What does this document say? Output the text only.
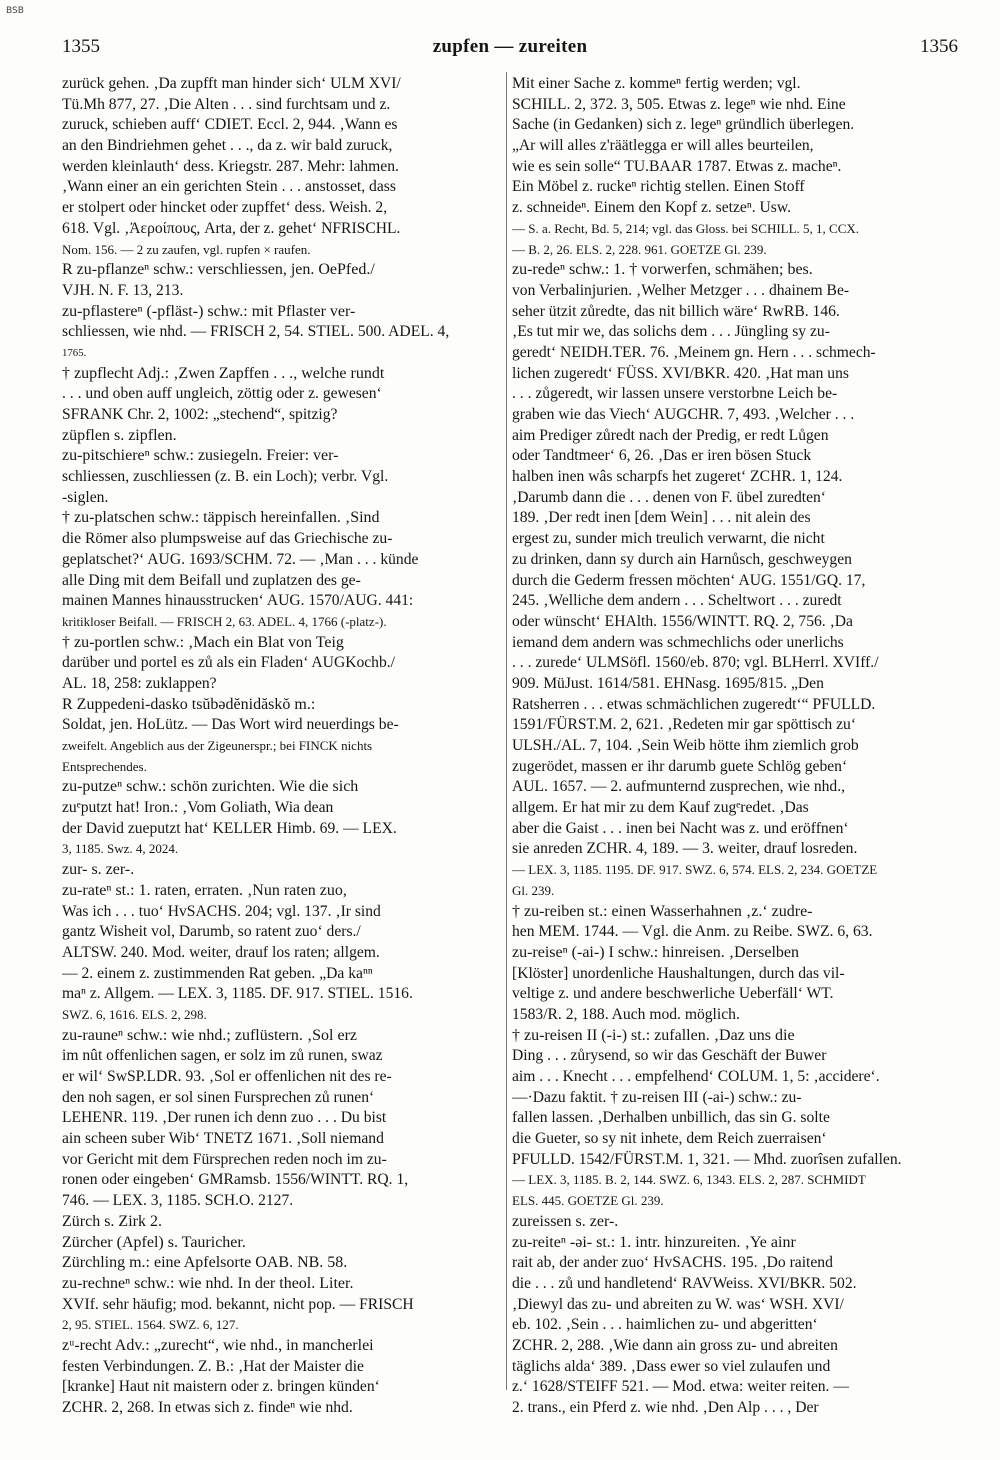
BSB
1355	zupfen — zureiten	1356
zurück gehen. ‚Da zupfft man hinder sich‘ ULM XVI/
Tü.Mh 877, 27. ‚Die Alten . . . sind furchtsam und z.
zuruck, schieben auff‘ CDIET. Eccl. 2, 944. ‚Wann es
an den Bindriehmen gehet . . ., da z. wir bald zuruck,
werden kleinlauth‘ dess. Kriegstr. 287. Mehr: lahmen.
‚Wann einer an ein gerichten Stein . . . anstosset, dass
er stolpert oder hincket oder zupffet‘ dess. Weish. 2,
618. Vgl. ‚Ἀεροίπους, Arta, der z. gehet‘ NFRISCHL.
Nom. 156. — 2 zu zaufen, vgl. rupfen × raufen.
R zu-pflanzeⁿ schw.: verschliessen, jen. OePfed./
VJH. N. F. 13, 213.
zu-pflastereⁿ (-pfläst-) schw.: mit Pflaster ver-
schliessen, wie nhd. — FRISCH 2, 54. STIEL. 500. ADEL. 4,
1765.
† zupflecht Adj.: ‚Zwen Zapffen . . ., welche rundt
. . . und oben auff ungleich, zöttig oder z. gewesen‘
SFRANK Chr. 2, 1002: „stechend“, spitzig?
züpflen s. zipflen.
zu-pitschiereⁿ schw.: zusiegeln. Freier: ver-
schliessen, zuschliessen (z. B. ein Loch); verbr. Vgl.
-siglen.
† zu-platschen schw.: täppisch hereinfallen. ‚Sind
die Römer also plumpsweise auf das Griechische zu-
geplatschet?‘ AUG. 1693/SCHM. 72. — ‚Man . . . künde
alle Ding mit dem Beifall und zuplatzen des ge-
mainen Mannes hinausstrucken‘ AUG. 1570/AUG. 441:
kritikloser Beifall. — FRISCH 2, 63. ADEL. 4, 1766 (-platz-).
† zu-portlen schw.: ‚Mach ein Blat von Teig
darüber und portel es zů als ein Fladen‘ AUGKochb./
AL. 18, 258: zuklappen?
R Zuppedeni-dasko tsŭbədĕnidăskŏ m.:
Soldat, jen. HoLütz. — Das Wort wird neuerdings be-
zweifelt. Angeblich aus der Zigeunerspr.; bei FINCK nichts
Entsprechendes.
zu-putzeⁿ schw.: schön zurichten. Wie die sich
zuᵉputzt hat! Iron.: ‚Vom Goliath, Wia dean
der David zueputzt hat‘ KELLER Himb. 69. — LEX.
3, 1185. Swz. 4, 2024.
zur- s. zer-.
zu-rateⁿ st.: 1. raten, erraten. ‚Nun raten zuo,
Was ich . . . tuo‘ HvSACHS. 204; vgl. 137. ‚Ir sind
gantz Wisheit vol, Darumb, so ratent zuo‘ ders./
ALTSW. 240. Mod. weiter, drauf los raten; allgem.
— 2. einem z. zustimmenden Rat geben. „Da kaⁿⁿ
maⁿ z. Allgem. — LEX. 3, 1185. DF. 917. STIEL. 1516.
SWZ. 6, 1616. ELS. 2, 298.
zu-rauneⁿ schw.: wie nhd.; zuflüstern. ‚Sol erz
im nût offenlichen sagen, er solz im zů runen, swaz
er wil‘ SwSP.LDR. 93. ‚Sol er offenlichen nit des re-
den noh sagen, er sol sinen Fursprechen zů runen‘
LEHENR. 119. ‚Der runen ich denn zuo . . . Du bist
ain scheen suber Wib‘ TNETZ 1671. ‚Soll niemand
vor Gericht mit dem Fürsprechen reden noch im zu-
ronen oder eingeben‘ GMRamsb. 1556/WINTT. RQ. 1,
746. — LEX. 3, 1185. SCH.O. 2127.
Zürch s. Zirk 2.
Zürcher (Apfel) s. Tauricher.
Zürchling m.: eine Apfelsorte OAB. NB. 58.
zu-rechneⁿ schw.: wie nhd. In der theol. Liter.
XVIf. sehr häufig; mod. bekannt, nicht pop. — FRISCH
2, 95. STIEL. 1564. SWZ. 6, 127.
zᵘ-recht Adv.: „zurecht“, wie nhd., in mancherlei
festen Verbindungen. Z. B.: ‚Hat der Maister die
[kranke] Haut nit maistern oder z. bringen künden‘
ZCHR. 2, 268. In etwas sich z. findeⁿ wie nhd.
Mit einer Sache z. kommeⁿ fertig werden; vgl.
SCHILL. 2, 372. 3, 505. Etwas z. legeⁿ wie nhd. Eine
Sache (in Gedanken) sich z. legeⁿ gründlich überlegen.
„Ar will alles z'räätlegga er will alles beurteilen,
wie es sein solle“ TU.BAAR 1787. Etwas z. macheⁿ.
Ein Möbel z. ruckeⁿ richtig stellen. Einen Stoff
z. schneideⁿ. Einem den Kopf z. setzeⁿ. Usw.
— S. a. Recht, Bd. 5, 214; vgl. das Gloss. bei SCHILL. 5, 1, CCX.
— B. 2, 26. ELS. 2, 228. 961. GOETZE Gl. 239.
zu-redeⁿ schw.: 1. † vorwerfen, schmähen; bes.
von Verbalinjurien. ‚Welher Metzger . . . dhainem Be-
seher ützit zůredte, das nit billich wäre‘ RwRB. 146.
‚Es tut mir we, das solichs dem . . . Jüngling sy zu-
geredt‘ NEIDH.TER. 76. ‚Meinem gn. Hern . . . schmech-
lichen zugeredt‘ FÜSS. XVI/BKR. 420. ‚Hat man uns
. . . zůgeredt, wir lassen unsere verstorbne Leich be-
graben wie das Viech‘ AUGCHR. 7, 493. ‚Welcher . . .
aim Prediger zůredt nach der Predig, er redt Lůgen
oder Tandtmeer‘ 6, 26. ‚Das er iren bösen Stuck
halben inen wâs scharpfs het zugeret‘ ZCHR. 1, 124.
‚Darumb dann die . . . denen von F. übel zuredten‘
189. ‚Der redt inen [dem Wein] . . . nit alein des
ergest zu, sunder mich treulich verwarnt, die nicht
zu drinken, dann sy durch ain Harnůsch, geschweygen
durch die Gederm fressen möchten‘ AUG. 1551/GQ. 17,
245. ‚Welliche dem andern . . . Scheltwort . . . zuredt
oder wünscht‘ EHAlth. 1556/WINTT. RQ. 2, 756. ‚Da
iemand dem andern was schmechlichs oder unerlichs
. . . zurede‘ ULMSöfl. 1560/eb. 870; vgl. BLHerrl. XVIff./
909. MüJust. 1614/581. EHNasg. 1695/815. „Den
Ratsherren . . . etwas schmächlichen zugeredt‘“ PFULLD.
1591/FÜRST.M. 2, 621. ‚Redeten mir gar spöttisch zu‘
ULSH./AL. 7, 104. ‚Sein Weib hötte ihm ziemlich grob
zugerödet, massen er ihr darumb guete Schlög geben‘
AUL. 1657. — 2. aufmunternd zusprechen, wie nhd.,
allgem. Er hat mir zu dem Kauf zugᵉredet. ‚Das
aber die Gaist . . . inen bei Nacht was z. und eröffnen‘
sie anreden ZCHR. 4, 189. — 3. weiter, drauf losreden.
— LEX. 3, 1185. 1195. DF. 917. SWZ. 6, 574. ELS. 2, 234. GOETZE
Gl. 239.
† zu-reiben st.: einen Wasserhahnen ‚z.‘ zudre-
hen MEM. 1744. — Vgl. die Anm. zu Reibe. SWZ. 6, 63.
zu-reiseⁿ (-ai-) I schw.: hinreisen. ‚Derselben
[Klöster] unordenliche Haushaltungen, durch das vil-
veltige z. und andere beschwerliche Ueberfäll‘ WT.
1583/R. 2, 188. Auch mod. möglich.
† zu-reisen II (-i-) st.: zufallen. ‚Daz uns die
Ding . . . zůrysend, so wir das Geschäft der Buwer
aim . . . Knecht . . . empfelhend‘ COLUM. 1, 5: ‚accidere‘.
—·Dazu faktit. † zu-reisen III (-ai-) schw.: zu-
fallen lassen. ‚Derhalben unbillich, das sin G. solte
die Gueter, so sy nit inhete, dem Reich zuerraisen‘
PFULLD. 1542/FÜRST.M. 1, 321. — Mhd. zuorîsen zufallen.
— LEX. 3, 1185. B. 2, 144. SWZ. 6, 1343. ELS. 2, 287. SCHMIDT
ELS. 445. GOETZE Gl. 239.
zureissen s. zer-.
zu-reiteⁿ -əi- st.: 1. intr. hinzureiten. ‚Ye ainr
rait ab, der ander zuo‘ HvSACHS. 195. ‚Do raitend
die . . . zů und handletend‘ RAVWeiss. XVI/BKR. 502.
‚Diewyl das zu- und abreiten zu W. was‘ WSH. XVI/
eb. 102. ‚Sein . . . haimlichen zu- und abgeritten‘
ZCHR. 2, 288. ‚Wie dann ain gross zu- und abreiten
täglichs alda‘ 389. ‚Dass ewer so viel zulaufen und
z.‘ 1628/STEIFF 521. — Mod. etwa: weiter reiten. —
2. trans., ein Pferd z. wie nhd. ‚Den Alp . . . , Der
